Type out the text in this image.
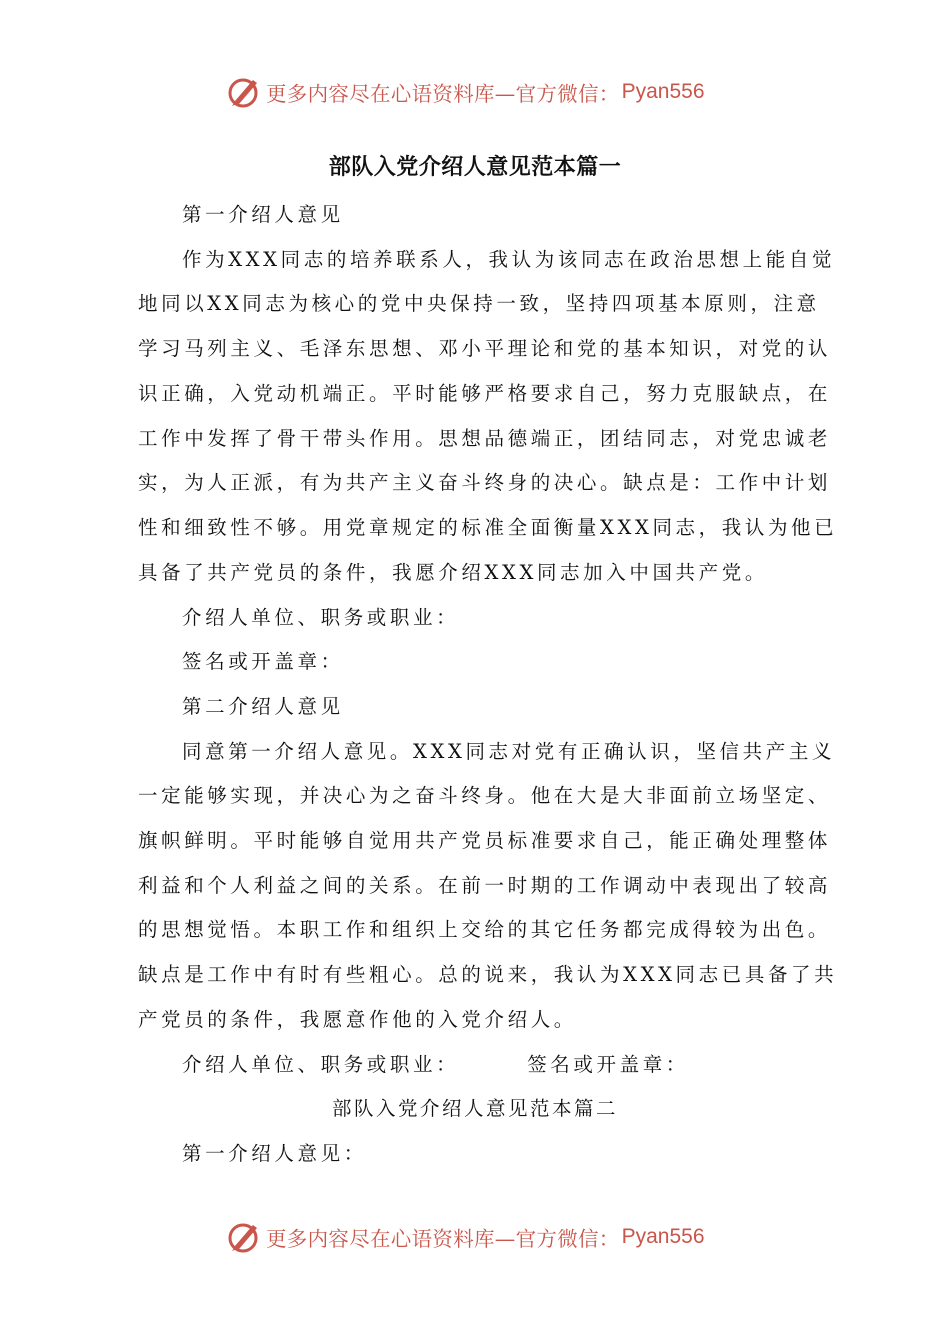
更多内容尽在心语资料库—官方微信： Pyan556
部队入党介绍人意见范本篇一
第一介绍人意见
作为XXX同志的培养联系人，我认为该同志在政治思想上能自觉
地同以XX同志为核心的党中央保持一致，坚持四项基本原则，注意
学习马列主义、毛泽东思想、邓小平理论和党的基本知识，对党的认
识正确，入党动机端正。平时能够严格要求自己，努力克服缺点，在
工作中发挥了骨干带头作用。思想品德端正，团结同志，对党忠诚老
实，为人正派，有为共产主义奋斗终身的决心。缺点是：工作中计划
性和细致性不够。用党章规定的标准全面衡量XXX同志，我认为他已
具备了共产党员的条件，我愿介绍XXX同志加入中国共产党。
介绍人单位、职务或职业：
签名或开盖章：
第二介绍人意见
同意第一介绍人意见。XXX同志对党有正确认识，坚信共产主义
一定能够实现，并决心为之奋斗终身。他在大是大非面前立场坚定、
旗帜鲜明。平时能够自觉用共产党员标准要求自己，能正确处理整体
利益和个人利益之间的关系。在前一时期的工作调动中表现出了较高
的思想觉悟。本职工作和组织上交给的其它任务都完成得较为出色。
缺点是工作中有时有些粗心。总的说来，我认为XXX同志已具备了共
产党员的条件，我愿意作他的入党介绍人。
介绍人单位、职务或职业：	签名或开盖章：
部队入党介绍人意见范本篇二
第一介绍人意见：
更多内容尽在心语资料库—官方微信： Pyan556
